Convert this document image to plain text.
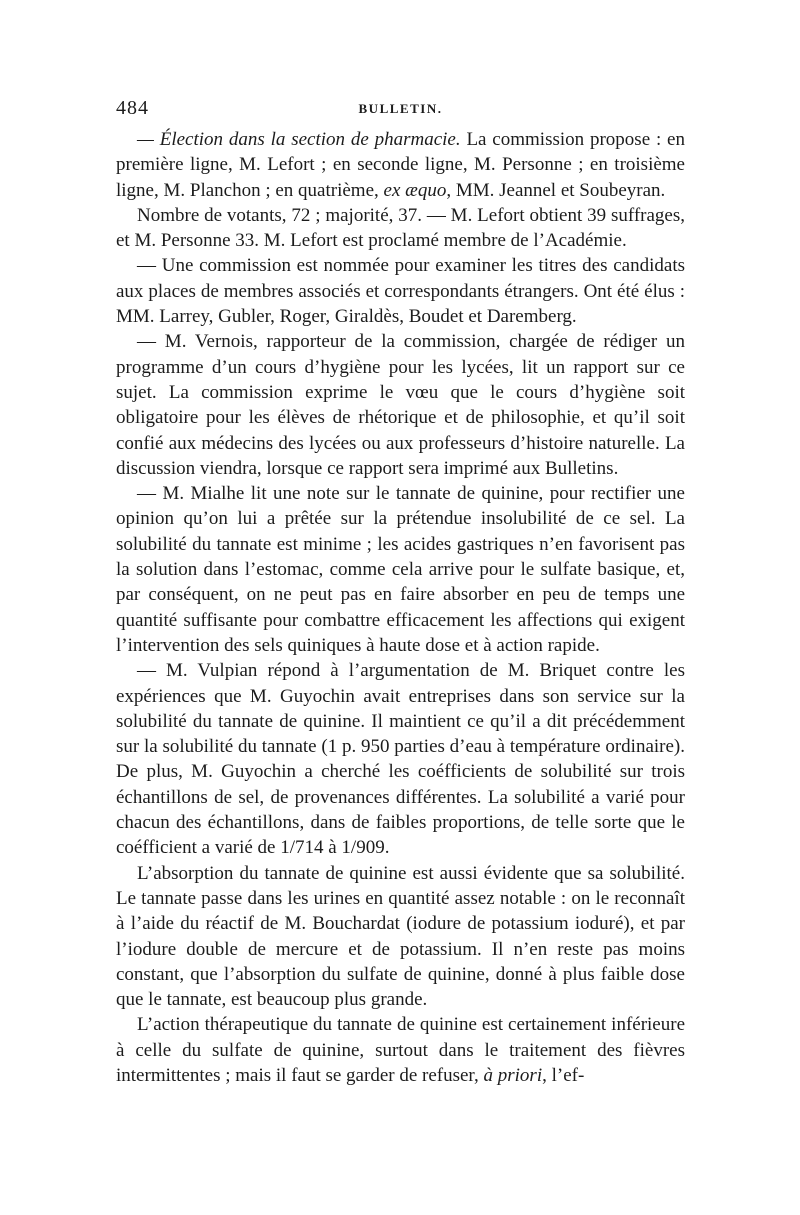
484	BULLETIN.

— Élection dans la section de pharmacie. La commission propose : en première ligne, M. Lefort ; en seconde ligne, M. Personne ; en troisième ligne, M. Planchon ; en quatrième, ex æquo, MM. Jeannel et Soubeyran.

Nombre de votants, 72 ; majorité, 37. — M. Lefort obtient 39 suffrages, et M. Personne 33. M. Lefort est proclamé membre de l’Académie.

— Une commission est nommée pour examiner les titres des candidats aux places de membres associés et correspondants étrangers. Ont été élus : MM. Larrey, Gubler, Roger, Giraldès, Boudet et Daremberg.

— M. Vernois, rapporteur de la commission, chargée de rédiger un programme d’un cours d’hygiène pour les lycées, lit un rapport sur ce sujet. La commission exprime le vœu que le cours d’hygiène soit obligatoire pour les élèves de rhétorique et de philosophie, et qu’il soit confié aux médecins des lycées ou aux professeurs d’histoire naturelle. La discussion viendra, lorsque ce rapport sera imprimé aux Bulletins.

— M. Mialhe lit une note sur le tannate de quinine, pour rectifier une opinion qu’on lui a prêtée sur la prétendue insolubilité de ce sel. La solubilité du tannate est minime ; les acides gastriques n’en favorisent pas la solution dans l’estomac, comme cela arrive pour le sulfate basique, et, par conséquent, on ne peut pas en faire absorber en peu de temps une quantité suffisante pour combattre efficacement les affections qui exigent l’intervention des sels quiniques à haute dose et à action rapide.

— M. Vulpian répond à l’argumentation de M. Briquet contre les expériences que M. Guyochin avait entreprises dans son service sur la solubilité du tannate de quinine. Il maintient ce qu’il a dit précédemment sur la solubilité du tannate (1 p. 950 parties d’eau à température ordinaire). De plus, M. Guyochin a cherché les coéfficients de solubilité sur trois échantillons de sel, de provenances différentes. La solubilité a varié pour chacun des échantillons, dans de faibles proportions, de telle sorte que le coéfficient a varié de 1/714 à 1/909.

L’absorption du tannate de quinine est aussi évidente que sa solubilité. Le tannate passe dans les urines en quantité assez notable : on le reconnaît à l’aide du réactif de M. Bouchardat (iodure de potassium ioduré), et par l’iodure double de mercure et de potassium. Il n’en reste pas moins constant, que l’absorption du sulfate de quinine, donné à plus faible dose que le tannate, est beaucoup plus grande.

L’action thérapeutique du tannate de quinine est certainement inférieure à celle du sulfate de quinine, surtout dans le traitement des fièvres intermittentes ; mais il faut se garder de refuser, à priori, l’ef-
